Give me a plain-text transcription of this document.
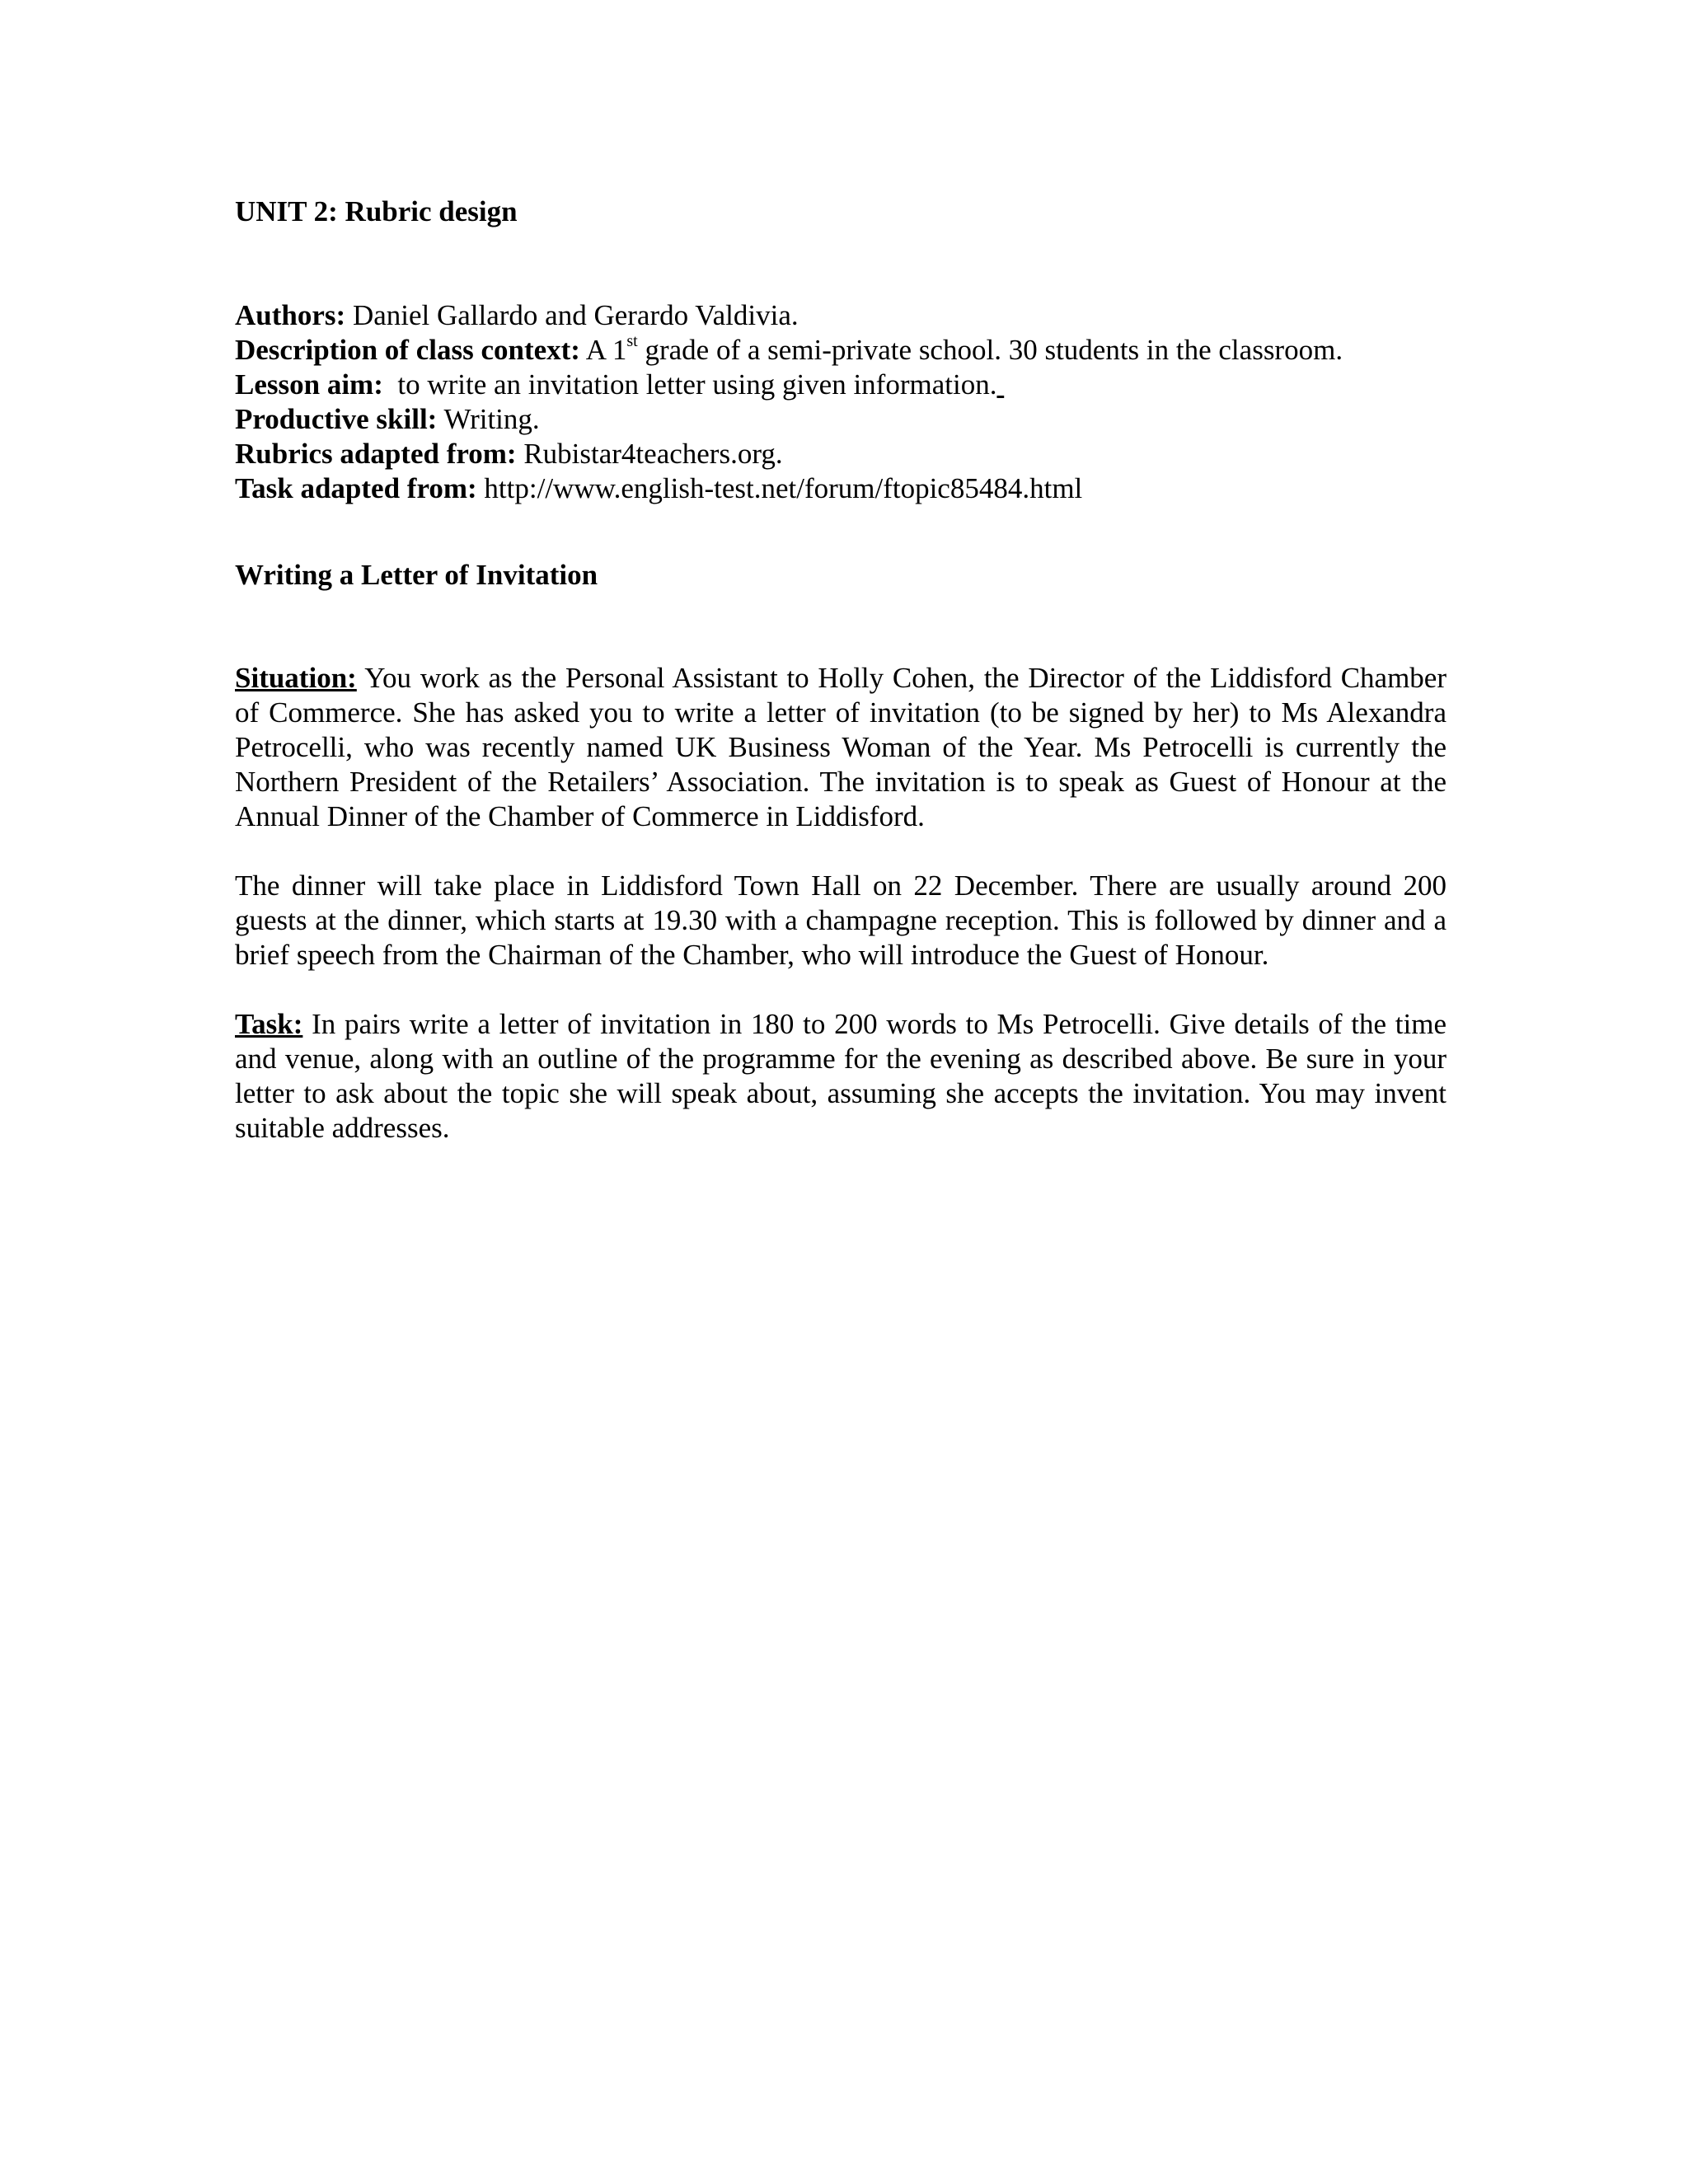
UNIT 2: Rubric design
Authors: Daniel Gallardo and Gerardo Valdivia.
Description of class context: A 1st grade of a semi-private school. 30 students in the classroom.
Lesson aim:  to write an invitation letter using given information.
Productive skill: Writing.
Rubrics adapted from: Rubistar4teachers.org.
Task adapted from: http://www.english-test.net/forum/ftopic85484.html
Writing a Letter of Invitation

Situation: You work as the Personal Assistant to Holly Cohen, the Director of the Liddisford Chamber of Commerce. She has asked you to write a letter of invitation (to be signed by her) to Ms Alexandra Petrocelli, who was recently named UK Business Woman of the Year. Ms Petrocelli is currently the Northern President of the Retailers’ Association. The invitation is to speak as Guest of Honour at the Annual Dinner of the Chamber of Commerce in Liddisford.

The dinner will take place in Liddisford Town Hall on 22 December. There are usually around 200 guests at the dinner, which starts at 19.30 with a champagne reception. This is followed by dinner and a brief speech from the Chairman of the Chamber, who will introduce the Guest of Honour.

Task: In pairs write a letter of invitation in 180 to 200 words to Ms Petrocelli. Give details of the time and venue, along with an outline of the programme for the evening as described above. Be sure in your letter to ask about the topic she will speak about, assuming she accepts the invitation. You may invent suitable addresses.
